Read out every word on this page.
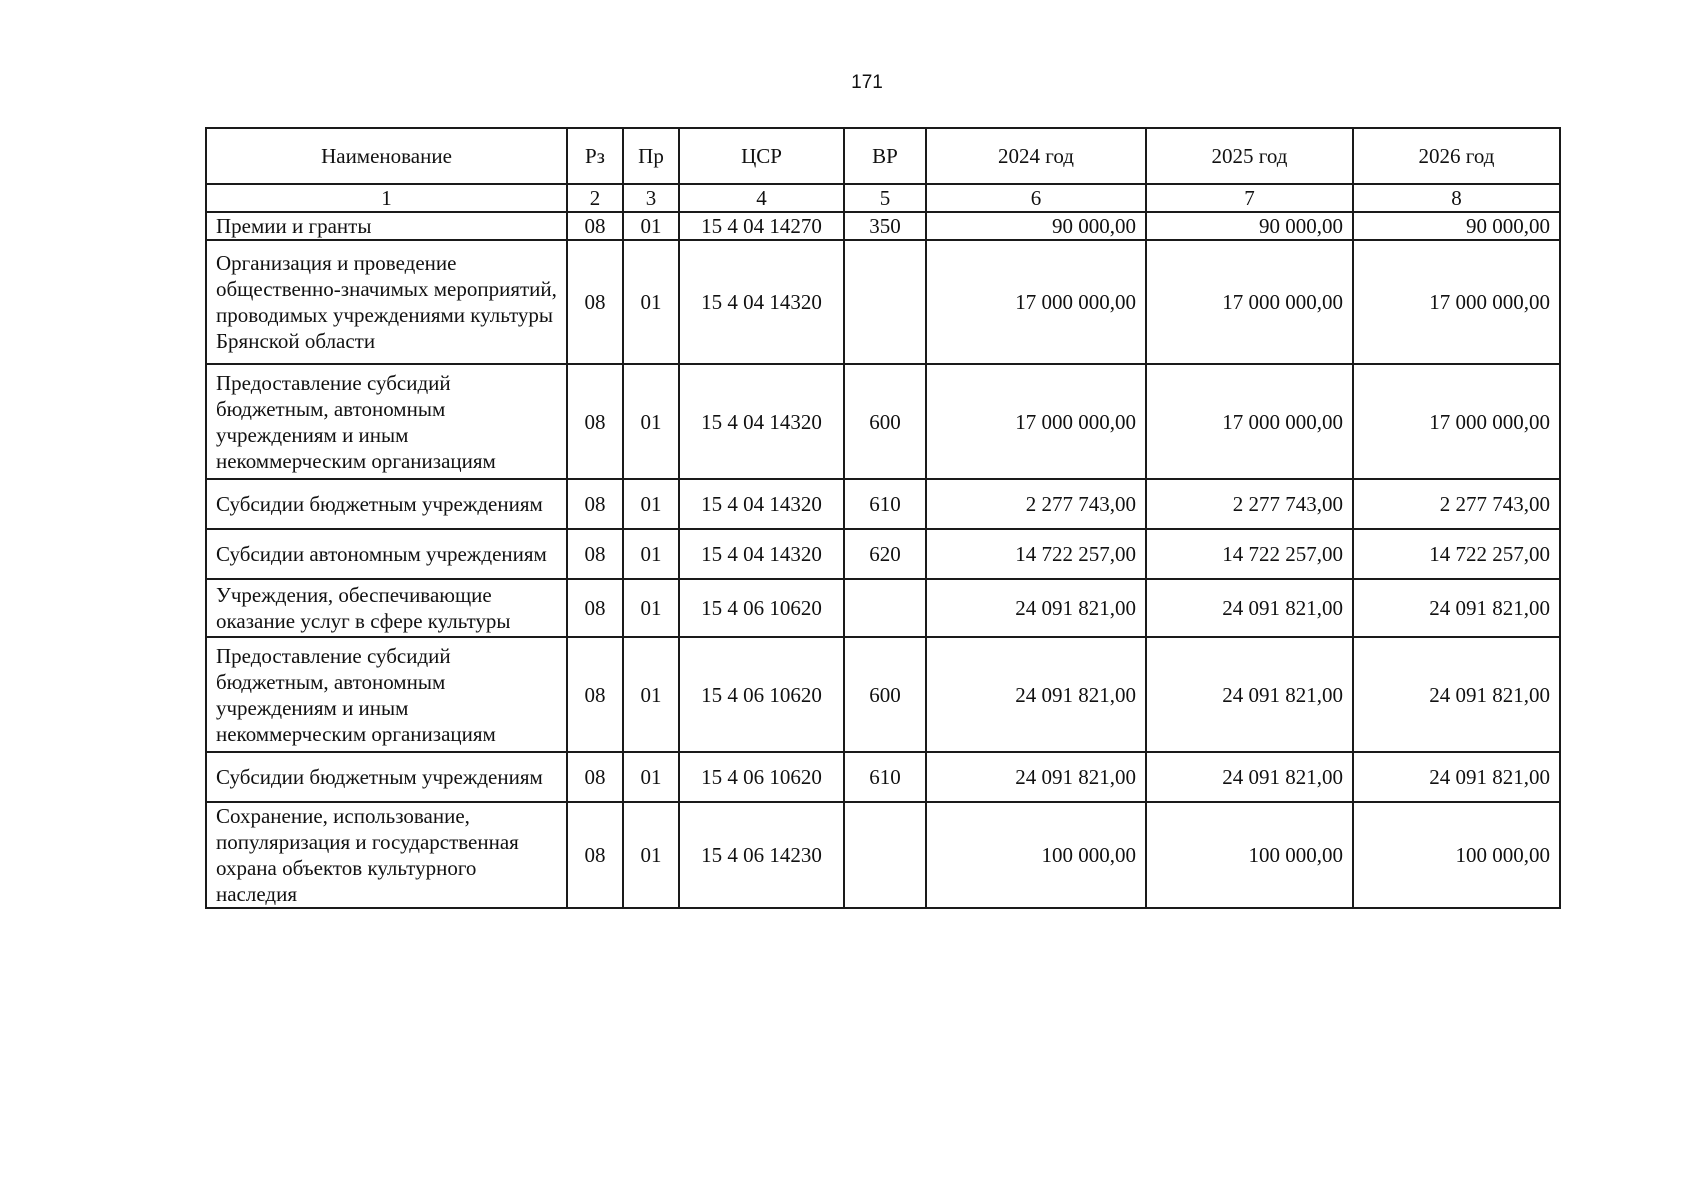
171
Наименование	Рз	Пр	ЦСР	ВР	2024 год	2025 год	2026 год
1	2	3	4	5	6	7	8
Премии и гранты	08	01	15 4 04 14270	350	90 000,00	90 000,00	90 000,00
Организация и проведение общественно-значимых мероприятий, проводимых учреждениями культуры Брянской области	08	01	15 4 04 14320		17 000 000,00	17 000 000,00	17 000 000,00
Предоставление субсидий бюджетным, автономным учреждениям и иным некоммерческим организациям	08	01	15 4 04 14320	600	17 000 000,00	17 000 000,00	17 000 000,00
Субсидии бюджетным учреждениям	08	01	15 4 04 14320	610	2 277 743,00	2 277 743,00	2 277 743,00
Субсидии автономным учреждениям	08	01	15 4 04 14320	620	14 722 257,00	14 722 257,00	14 722 257,00
Учреждения, обеспечивающие оказание услуг в сфере культуры	08	01	15 4 06 10620		24 091 821,00	24 091 821,00	24 091 821,00
Предоставление субсидий бюджетным, автономным учреждениям и иным некоммерческим организациям	08	01	15 4 06 10620	600	24 091 821,00	24 091 821,00	24 091 821,00
Субсидии бюджетным учреждениям	08	01	15 4 06 10620	610	24 091 821,00	24 091 821,00	24 091 821,00
Сохранение, использование, популяризация и государственная охрана объектов культурного наследия	08	01	15 4 06 14230		100 000,00	100 000,00	100 000,00
